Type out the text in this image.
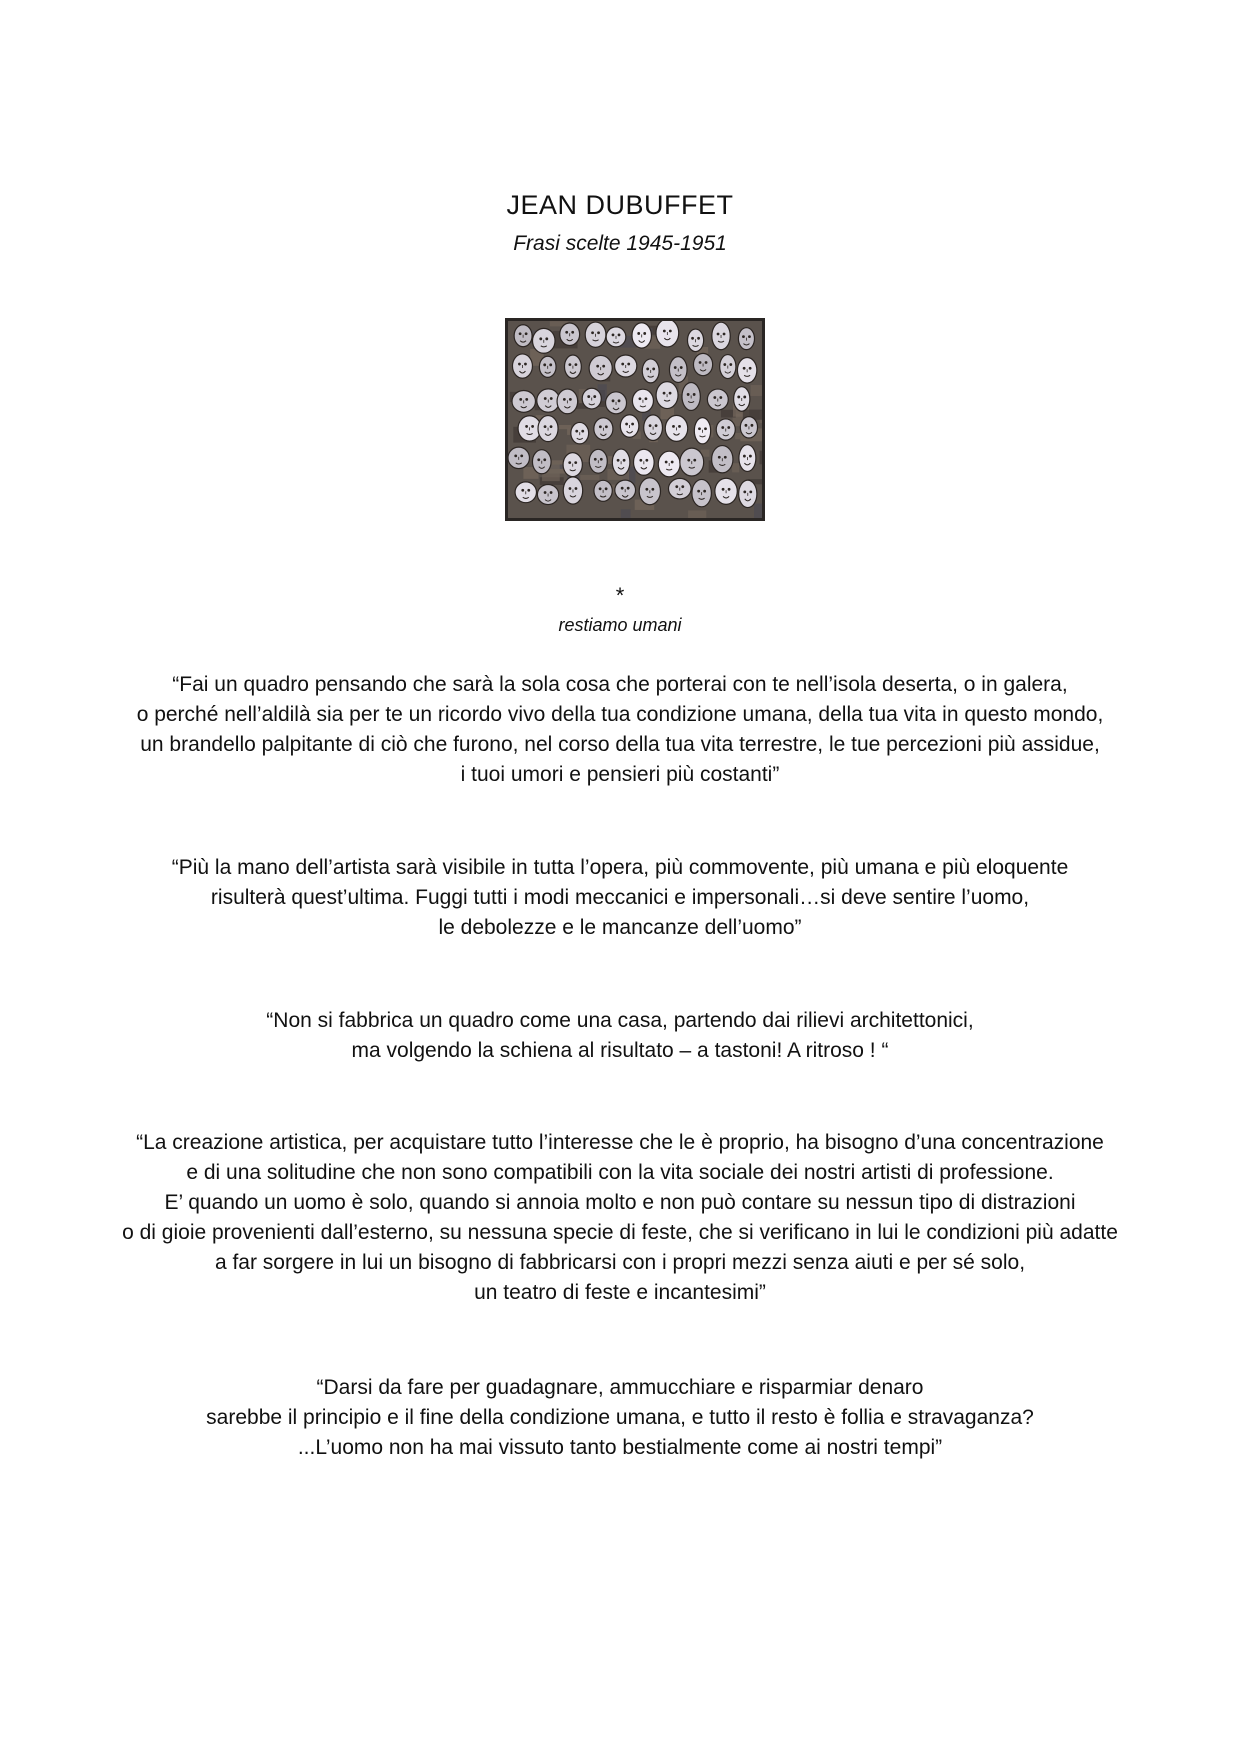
JEAN DUBUFFET
Frasi scelte 1945-1951
*
restiamo umani
“Fai un quadro pensando che sarà la sola cosa che porterai con te nell’isola deserta, o in galera,
o perché nell’aldilà sia per te un ricordo vivo della tua condizione umana, della tua vita in questo mondo,
un brandello palpitante di ciò che furono, nel corso della tua vita terrestre, le tue percezioni più assidue,
i tuoi umori e pensieri più costanti”
“Più la mano dell’artista sarà visibile in tutta l’opera, più commovente, più umana e più eloquente
risulterà quest’ultima. Fuggi tutti i modi meccanici e impersonali…si deve sentire l’uomo,
le debolezze e le mancanze dell’uomo”
“Non si fabbrica un quadro come una casa, partendo dai rilievi architettonici,
ma volgendo la schiena al risultato – a tastoni! A ritroso ! “
“La creazione artistica, per acquistare tutto l’interesse che le è proprio, ha bisogno d’una concentrazione
e di una solitudine che non sono compatibili con la vita sociale dei nostri artisti di professione.
E’ quando un uomo è solo, quando si annoia molto e non può contare su nessun tipo di distrazioni
o di gioie provenienti dall’esterno, su nessuna specie di feste, che si verificano in lui le condizioni più adatte
a far sorgere in lui un bisogno di fabbricarsi con i propri mezzi senza aiuti e per sé solo,
un teatro di feste e incantesimi”
“Darsi da fare per guadagnare, ammucchiare e risparmiar denaro
sarebbe il principio e il fine della condizione umana, e tutto il resto è follia e stravaganza?
...L’uomo non ha mai vissuto tanto bestialmente come ai nostri tempi”
